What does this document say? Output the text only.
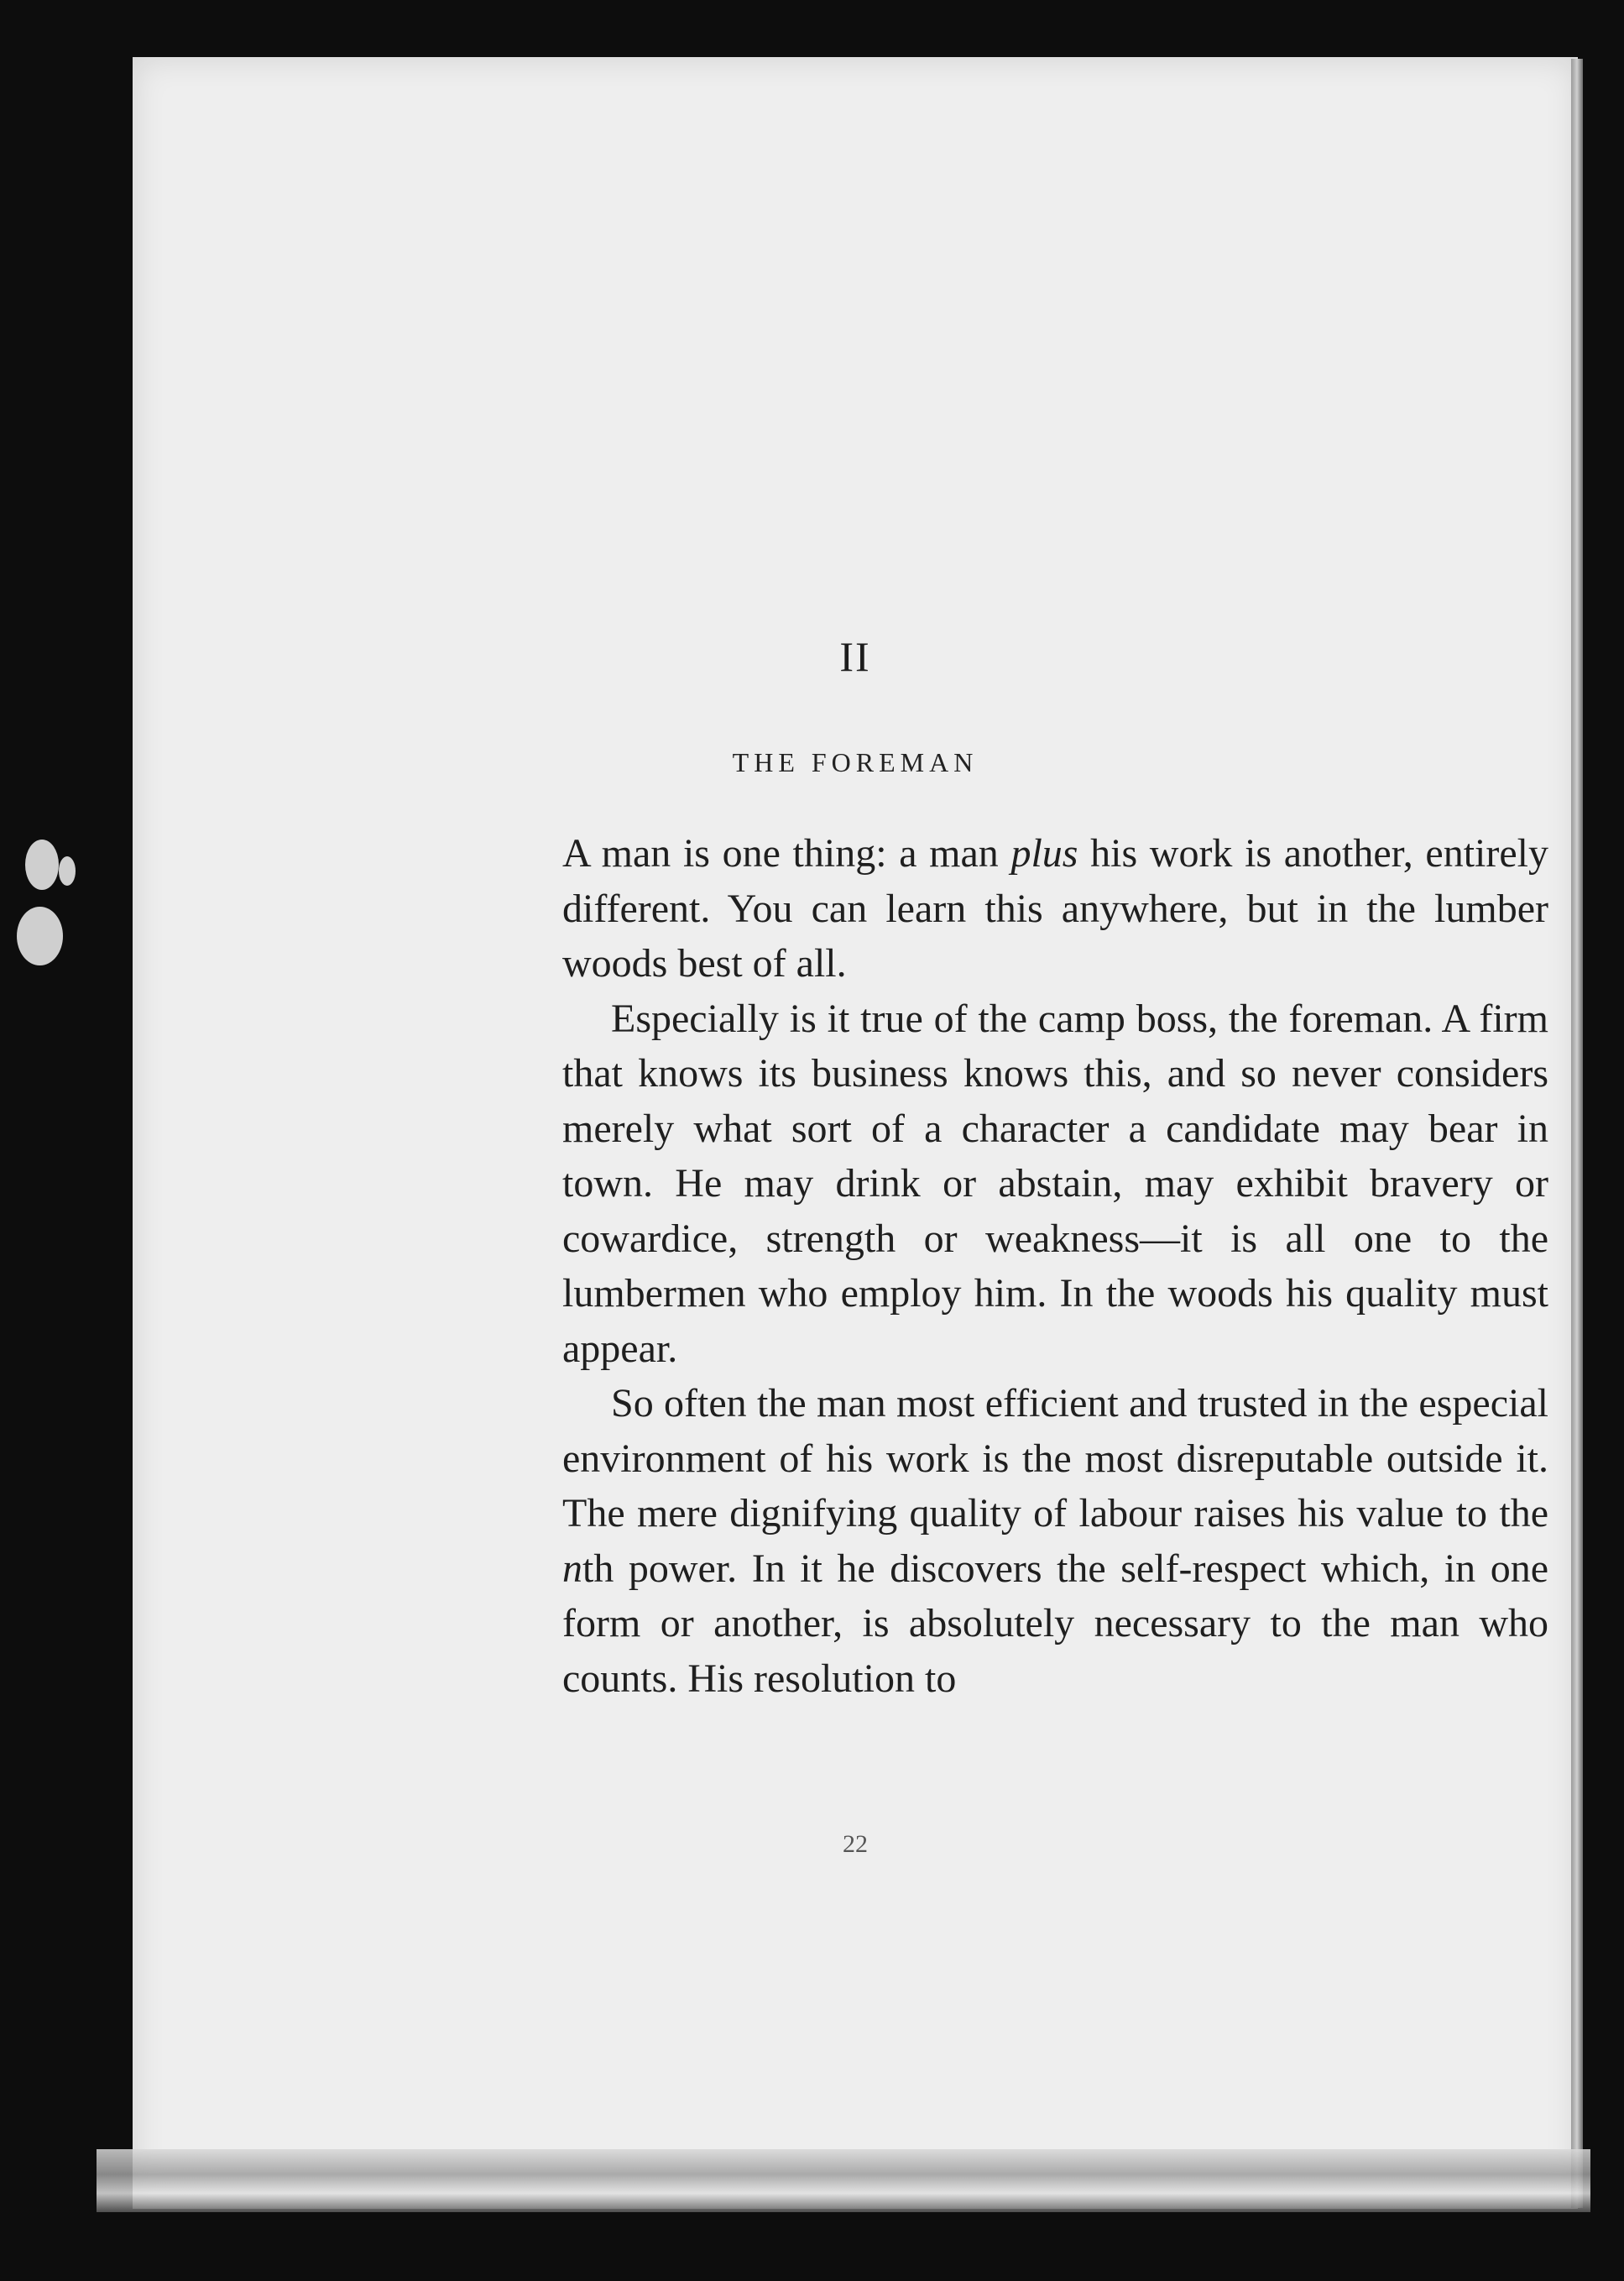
II
THE FOREMAN

A man is one thing: a man plus his work is another, entirely different. You can learn this anywhere, but in the lumber woods best of all.

Especially is it true of the camp boss, the foreman. A firm that knows its business knows this, and so never considers merely what sort of a character a candidate may bear in town. He may drink or abstain, may exhibit bravery or cowardice, strength or weakness—it is all one to the lumbermen who employ him. In the woods his quality must appear.

So often the man most efficient and trusted in the especial environment of his work is the most disreputable outside it. The mere dignifying quality of labour raises his value to the nth power. In it he discovers the self-respect which, in one form or another, is absolutely necessary to the man who counts. His resolution to

22
